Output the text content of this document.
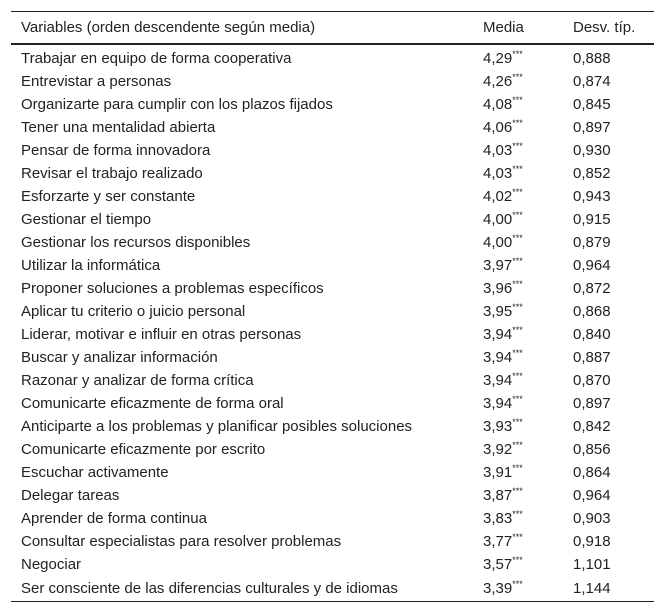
Variables (orden descendente según media)	Media	Desv. típ.
Trabajar en equipo de forma cooperativa	4,29***	0,888
Entrevistar a personas	4,26***	0,874
Organizarte para cumplir con los plazos fijados	4,08***	0,845
Tener una mentalidad abierta	4,06***	0,897
Pensar de forma innovadora	4,03***	0,930
Revisar el trabajo realizado	4,03***	0,852
Esforzarte y ser constante	4,02***	0,943
Gestionar el tiempo	4,00***	0,915
Gestionar los recursos disponibles	4,00***	0,879
Utilizar la informática	3,97***	0,964
Proponer soluciones a problemas específicos	3,96***	0,872
Aplicar tu criterio o juicio personal	3,95***	0,868
Liderar, motivar e influir en otras personas	3,94***	0,840
Buscar y analizar información	3,94***	0,887
Razonar y analizar de forma crítica	3,94***	0,870
Comunicarte eficazmente de forma oral	3,94***	0,897
Anticiparte a los problemas y planificar posibles soluciones	3,93***	0,842
Comunicarte eficazmente por escrito	3,92***	0,856
Escuchar activamente	3,91***	0,864
Delegar tareas	3,87***	0,964
Aprender de forma continua	3,83***	0,903
Consultar especialistas para resolver problemas	3,77***	0,918
Negociar	3,57***	1,101
Ser consciente de las diferencias culturales y de idiomas	3,39***	1,144
